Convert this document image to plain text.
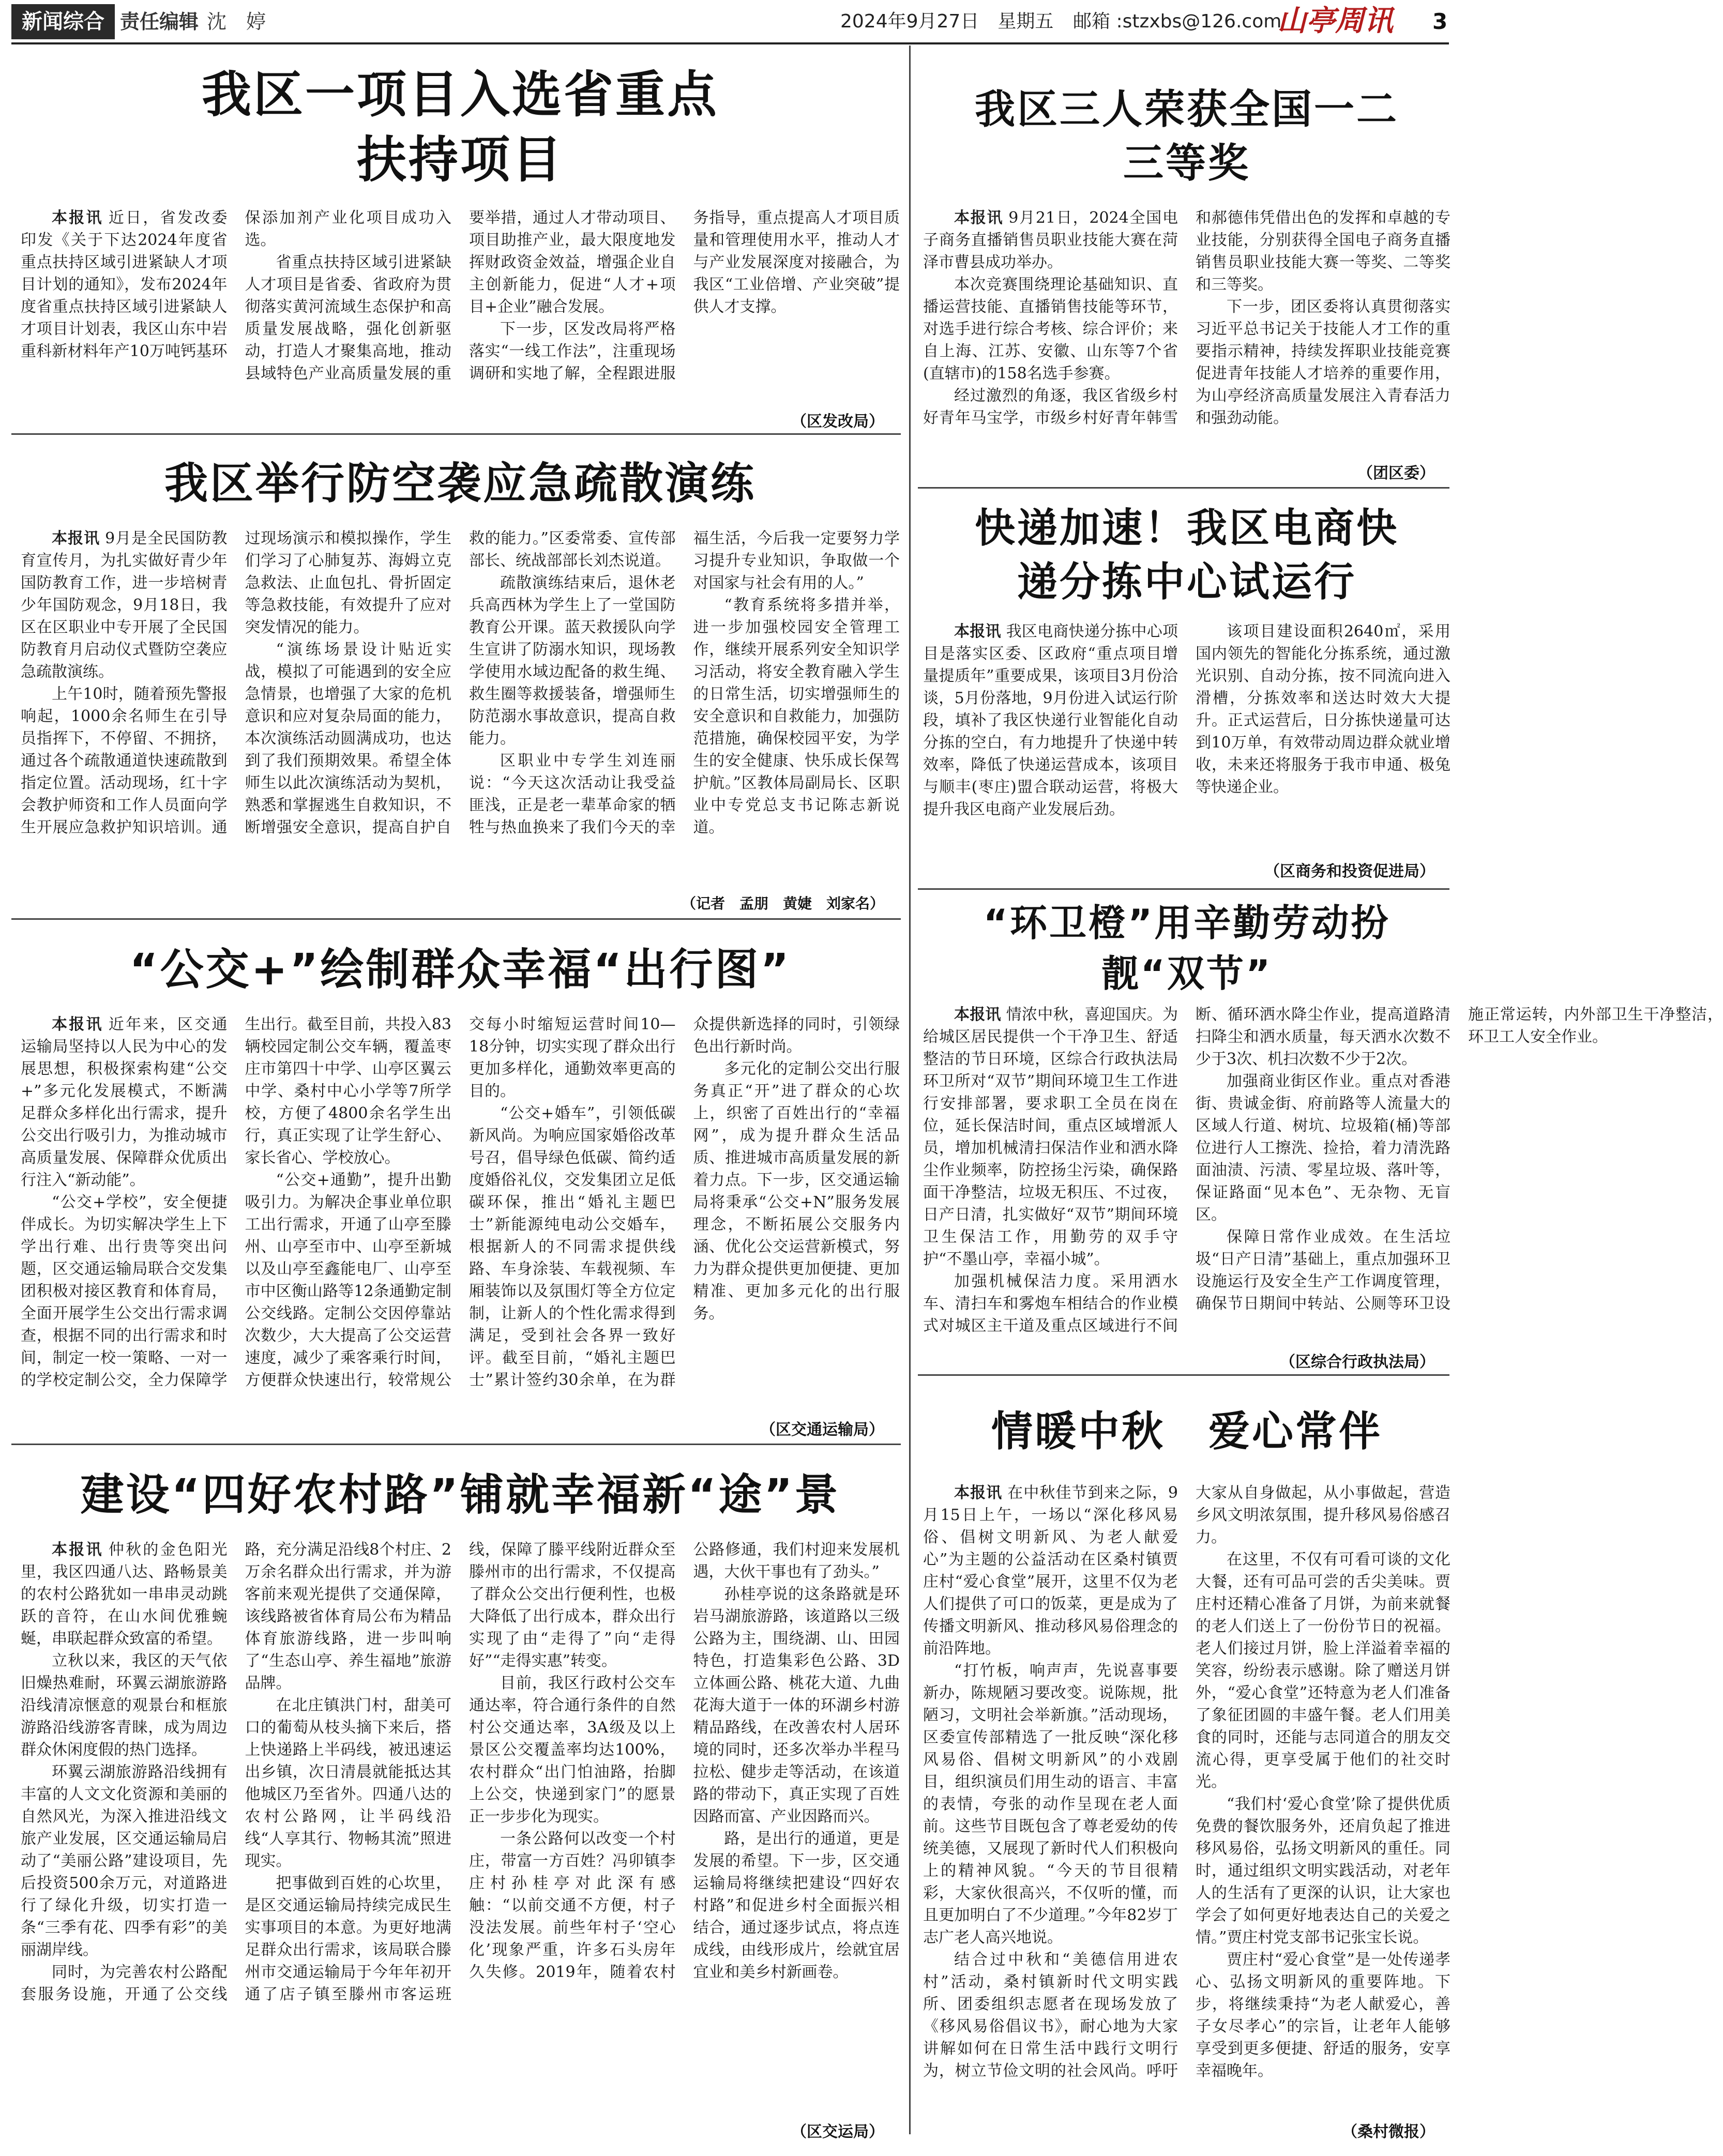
新闻综合 责任编辑 沈　婷	2024年9月27日　星期五 邮箱 :stzxbs@126.com
山亭周讯 3
我区一项目入选省重点
扶持项目

本报讯 近日，省发改委印发《关于下达2024年度省重点扶持区域引进紧缺人才项目计划的通知》，发布2024年度省重点扶持区域引进紧缺人才项目计划表，我区山东中岩重科新材料年产10万吨钙基环保添加剂产业化项目成功入选。

省重点扶持区域引进紧缺人才项目是省委、省政府为贯彻落实黄河流域生态保护和高质量发展战略，强化创新驱动，打造人才聚集高地，推动县域特色产业高质量发展的重要举措，通过人才带动项目、项目助推产业，最大限度地发挥财政资金效益，增强企业自主创新能力，促进“人才+项目+企业”融合发展。

下一步，区发改局将严格落实“一线工作法”，注重现场调研和实地了解，全程跟进服务指导，重点提高人才项目质量和管理使用水平，推动人才与产业发展深度对接融合，为我区“工业倍增、产业突破”提供人才支撑。

（区发改局）
我区举行防空袭应急疏散演练

本报讯 9月是全民国防教育宣传月，为扎实做好青少年国防教育工作，进一步培树青少年国防观念，9月18日，我区在区职业中专开展了全民国防教育月启动仪式暨防空袭应急疏散演练。

上午10时，随着预先警报响起，1000余名师生在引导员指挥下，不停留、不拥挤，通过各个疏散通道快速疏散到指定位置。活动现场，红十字会教护师资和工作人员面向学生开展应急救护知识培训。通过现场演示和模拟操作，学生们学习了心肺复苏、海姆立克急救法、止血包扎、骨折固定等急救技能，有效提升了应对突发情况的能力。

“演练场景设计贴近实战，模拟了可能遇到的安全应急情景，也增强了大家的危机意识和应对复杂局面的能力，本次演练活动圆满成功，也达到了我们预期效果。希望全体师生以此次演练活动为契机，熟悉和掌握逃生自救知识，不断增强安全意识，提高自护自救的能力。”区委常委、宣传部部长、统战部部长刘杰说道。

疏散演练结束后，退休老兵高西林为学生上了一堂国防教育公开课。蓝天救援队向学生宣讲了防溺水知识，现场教学使用水域边配备的救生绳、救生圈等救援装备，增强师生防范溺水事故意识，提高自救能力。

区职业中专学生刘连丽说：“今天这次活动让我受益匪浅，正是老一辈革命家的牺牲与热血换来了我们今天的幸福生活，今后我一定要努力学习提升专业知识，争取做一个对国家与社会有用的人。”

“教育系统将多措并举，进一步加强校园安全管理工作，继续开展系列安全知识学习活动，将安全教育融入学生的日常生活，切实增强师生的安全意识和自救能力，加强防范措施，确保校园平安，为学生的安全健康、快乐成长保驾护航。”区教体局副局长、区职业中专党总支书记陈志新说道。

（记者　孟朋　黄婕　刘家名）
“公交+”绘制群众幸福“出行图”

本报讯 近年来，区交通运输局坚持以人民为中心的发展思想，积极探索构建“公交+”多元化发展模式，不断满足群众多样化出行需求，提升公交出行吸引力，为推动城市高质量发展、保障群众优质出行注入“新动能”。

“公交+学校”，安全便捷伴成长。为切实解决学生上下学出行难、出行贵等突出问题，区交通运输局联合交发集团积极对接区教育和体育局，全面开展学生公交出行需求调查，根据不同的出行需求和时间，制定一校一策略、一对一的学校定制公交，全力保障学生出行。截至目前，共投入83辆校园定制公交车辆，覆盖枣庄市第四十中学、山亭区翼云中学、桑村中心小学等7所学校，方便了4800余名学生出行，真正实现了让学生舒心、家长省心、学校放心。

“公交+通勤”，提升出勤吸引力。为解决企事业单位职工出行需求，开通了山亭至滕州、山亭至市中、山亭至新城以及山亭至鑫能电厂、山亭至市中区衡山路等12条通勤定制公交线路。定制公交因停靠站次数少，大大提高了公交运营速度，减少了乘客乘行时间，方便群众快速出行，较常规公交每小时缩短运营时间10—18分钟，切实实现了群众出行更加多样化，通勤效率更高的目的。

“公交+婚车”，引领低碳新风尚。为响应国家婚俗改革号召，倡导绿色低碳、简约适度婚俗礼仪，交发集团立足低碳环保，推出“婚礼主题巴士”新能源纯电动公交婚车，根据新人的不同需求提供线路、车身涂装、车载视频、车厢装饰以及氛围灯等全方位定制，让新人的个性化需求得到满足，受到社会各界一致好评。截至目前，“婚礼主题巴士”累计签约30余单，在为群众提供新选择的同时，引领绿色出行新时尚。

多元化的定制公交出行服务真正“开”进了群众的心坎上，织密了百姓出行的“幸福网”，成为提升群众生活品质、推进城市高质量发展的新着力点。下一步，区交通运输局将秉承“公交+N”服务发展理念，不断拓展公交服务内涵、优化公交运营新模式，努力为群众提供更加便捷、更加精准、更加多元化的出行服务。

（区交通运输局）
建设“四好农村路”铺就幸福新“途”景

本报讯 仲秋的金色阳光里，我区四通八达、路畅景美的农村公路犹如一串串灵动跳跃的音符，在山水间优雅蜿蜒，串联起群众致富的希望。

立秋以来，我区的天气依旧燥热难耐，环翼云湖旅游路沿线清凉惬意的观景台和框旅游路沿线游客青睐，成为周边群众休闲度假的热门选择。

环翼云湖旅游路沿线拥有丰富的人文文化资源和美丽的自然风光，为深入推进沿线文旅产业发展，区交通运输局启动了“美丽公路”建设项目，先后投资500余万元，对道路进行了绿化升级，切实打造一条“三季有花、四季有彩”的美丽湖岸线。

同时，为完善农村公路配套服务设施，开通了公交线路，充分满足沿线8个村庄、2万余名群众出行需求，并为游客前来观光提供了交通保障，该线路被省体育局公布为精品体育旅游线路，进一步叫响了“生态山亭、养生福地”旅游品牌。

在北庄镇洪门村，甜美可口的葡萄从枝头摘下来后，搭上快递路上半码线，被迅速运出乡镇，次日清晨就能抵达其他城区乃至省外。四通八达的农村公路网，让半码线沿线“人享其行、物畅其流”照进现实。

把事做到百姓的心坎里，是区交通运输局持续完成民生实事项目的本意。为更好地满足群众出行需求，该局联合滕州市交通运输局于今年年初开通了店子镇至滕州市客运班线，保障了滕平线附近群众至滕州市的出行需求，不仅提高了群众公交出行便利性，也极大降低了出行成本，群众出行实现了由“走得了”向“走得好”“走得实惠”转变。

目前，我区行政村公交车通达率，符合通行条件的自然村公交通达率，3A级及以上景区公交覆盖率均达100%，农村群众“出门怕油路，抬脚上公交，快递到家门”的愿景正一步步化为现实。

一条公路何以改变一个村庄，带富一方百姓？冯卯镇李庄村孙桂亭对此深有感触：“以前交通不方便，村子没法发展。前些年村子‘空心化’现象严重，许多石头房年久失修。2019年，随着农村公路修通，我们村迎来发展机遇，大伙干事也有了劲头。”

孙桂亭说的这条路就是环岩马湖旅游路，该道路以三级公路为主，围绕湖、山、田园特色，打造集彩色公路、3D立体画公路、桃花大道、九曲花海大道于一体的环湖乡村游精品路线，在改善农村人居环境的同时，还多次举办半程马拉松、健步走等活动，在该道路的带动下，真正实现了百姓因路而富、产业因路而兴。

路，是出行的通道，更是发展的希望。下一步，区交通运输局将继续把建设“四好农村路”和促进乡村全面振兴相结合，通过逐步试点，将点连成线，由线形成片，绘就宜居宜业和美乡村新画卷。

（区交运局）
我区三人荣获全国一二
三等奖

本报讯 9月21日，2024全国电子商务直播销售员职业技能大赛在菏泽市曹县成功举办。

本次竞赛围绕理论基础知识、直播运营技能、直播销售技能等环节，对选手进行综合考核、综合评价；来自上海、江苏、安徽、山东等7个省(直辖市)的158名选手参赛。

经过激烈的角逐，我区省级乡村好青年马宝学，市级乡村好青年韩雪和郝德伟凭借出色的发挥和卓越的专业技能，分别获得全国电子商务直播销售员职业技能大赛一等奖、二等奖和三等奖。

下一步，团区委将认真贯彻落实习近平总书记关于技能人才工作的重要指示精神，持续发挥职业技能竞赛促进青年技能人才培养的重要作用，为山亭经济高质量发展注入青春活力和强劲动能。

（团区委）
快递加速！我区电商快
递分拣中心试运行

本报讯 我区电商快递分拣中心项目是落实区委、区政府“重点项目增量提质年”重要成果，该项目3月份洽谈，5月份落地，9月份进入试运行阶段，填补了我区快递行业智能化自动分拣的空白，有力地提升了快递中转效率，降低了快递运营成本，该项目与顺丰(枣庄)盟合联动运营，将极大提升我区电商产业发展后劲。

该项目建设面积2640㎡，采用国内领先的智能化分拣系统，通过激光识别、自动分拣，按不同流向进入滑槽，分拣效率和送达时效大大提升。正式运营后，日分拣快递量可达到10万单，有效带动周边群众就业增收，未来还将服务于我市申通、极兔等快递企业。

（区商务和投资促进局）
“环卫橙”用辛勤劳动扮
靓“双节”

本报讯 情浓中秋，喜迎国庆。为给城区居民提供一个干净卫生、舒适整洁的节日环境，区综合行政执法局环卫所对“双节”期间环境卫生工作进行安排部署，要求职工全员在岗在位，延长保洁时间，重点区域增派人员，增加机械清扫保洁作业和洒水降尘作业频率，防控扬尘污染，确保路面干净整洁，垃圾无积压、不过夜，日产日清，扎实做好“双节”期间环境卫生保洁工作，用勤劳的双手守护“不墨山亭，幸福小城”。

加强机械保洁力度。采用洒水车、清扫车和雾炮车相结合的作业模式对城区主干道及重点区域进行不间断、循环洒水降尘作业，提高道路清扫降尘和洒水质量，每天洒水次数不少于3次、机扫次数不少于2次。

加强商业街区作业。重点对香港街、贵诚金街、府前路等人流量大的区域人行道、树坑、垃圾箱(桶)等部位进行人工擦洗、捡拾，着力清洗路面油渍、污渍、零星垃圾、落叶等，保证路面“见本色”、无杂物、无盲区。

保障日常作业成效。在生活垃圾“日产日清”基础上，重点加强环卫设施运行及安全生产工作调度管理，确保节日期间中转站、公厕等环卫设施正常运转，内外部卫生干净整洁，环卫工人安全作业。

（区综合行政执法局）
情暖中秋　爱心常伴

本报讯 在中秋佳节到来之际，9月15日上午，一场以“深化移风易俗、倡树文明新风、为老人献爱心”为主题的公益活动在区桑村镇贾庄村“爱心食堂”展开，这里不仅为老人们提供了可口的饭菜，更是成为了传播文明新风、推动移风易俗理念的前沿阵地。

“打竹板，响声声，先说喜事要新办，陈规陋习要改变。说陈规，批陋习，文明社会举新旗。”活动现场，区委宣传部精选了一批反映“深化移风易俗、倡树文明新风”的小戏剧目，组织演员们用生动的语言、丰富的表情，夸张的动作呈现在老人面前。这些节目既包含了尊老爱幼的传统美德，又展现了新时代人们积极向上的精神风貌。“今天的节目很精彩，大家伙很高兴，不仅听的懂，而且更加明白了不少道理。”今年82岁丁志广老人高兴地说。

结合过中秋和“美德信用进农村”活动，桑村镇新时代文明实践所、团委组织志愿者在现场发放了《移风易俗倡议书》，耐心地为大家讲解如何在日常生活中践行文明行为，树立节俭文明的社会风尚。呼吁大家从自身做起，从小事做起，营造乡风文明浓氛围，提升移风易俗感召力。

在这里，不仅有可看可谈的文化大餐，还有可品可尝的舌尖美味。贾庄村还精心准备了月饼，为前来就餐的老人们送上了一份份节日的祝福。老人们接过月饼，脸上洋溢着幸福的笑容，纷纷表示感谢。除了赠送月饼外，“爱心食堂”还特意为老人们准备了象征团圆的丰盛午餐。老人们用美食的同时，还能与志同道合的朋友交流心得，更享受属于他们的社交时光。

“我们村‘爱心食堂’除了提供优质免费的餐饮服务外，还肩负起了推进移风易俗，弘扬文明新风的重任。同时，通过组织文明实践活动，对老年人的生活有了更深的认识，让大家也学会了如何更好地表达自己的关爱之情。”贾庄村党支部书记张宝长说。

贾庄村“爱心食堂”是一处传递孝心、弘扬文明新风的重要阵地。下步，将继续秉持“为老人献爱心，善子女尽孝心”的宗旨，让老年人能够享受到更多便捷、舒适的服务，安享幸福晚年。

（桑村微报）
